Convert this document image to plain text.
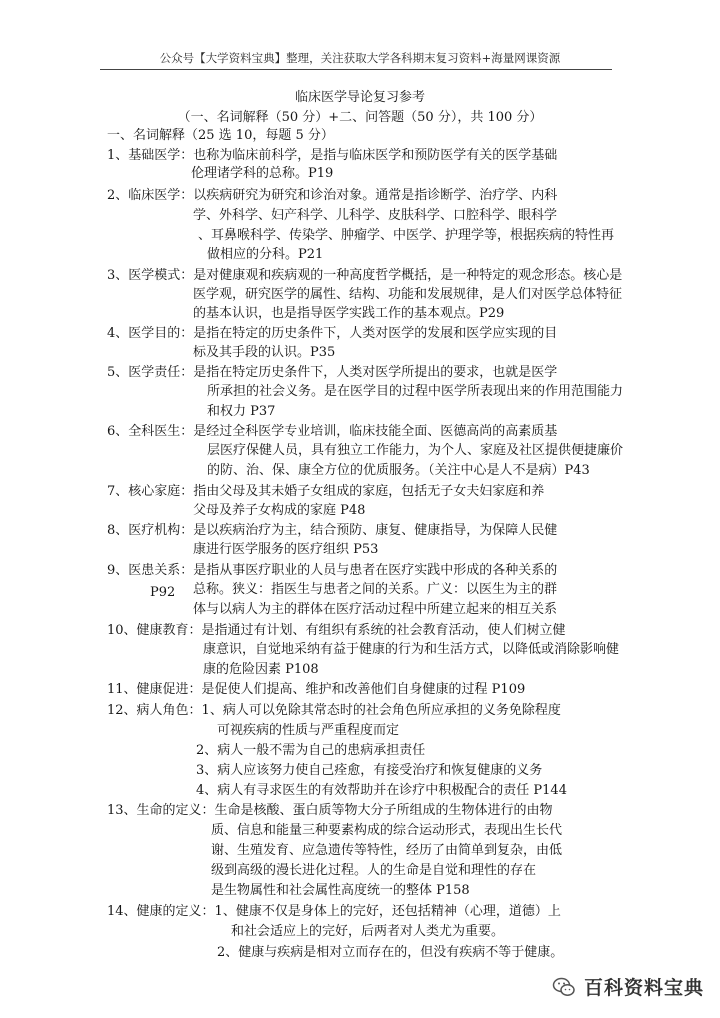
公众号【大学资料宝典】整理，关注获取大学各科期末复习资料+海量网课资源
临床医学导论复习参考
（一、名词解释（50 分）+二、问答题（50 分），共 100 分）
一、名词解释（25 选 10，每题 5 分）
1、基础医学：也称为临床前科学，是指与临床医学和预防医学有关的医学基础
伦理诸学科的总称。P19
2、临床医学：以疾病研究为研究和诊治对象。通常是指诊断学、治疗学、内科
学、外科学、妇产科学、儿科学、皮肤科学、口腔科学、眼科学
、耳鼻喉科学、传染学、肿瘤学、中医学、护理学等，根据疾病的特性再
做相应的分科。P21
3、医学模式：是对健康观和疾病观的一种高度哲学概括，是一种特定的观念形态。核心是
医学观，研究医学的属性、结构、功能和发展规律，是人们对医学总体特征
的基本认识，也是指导医学实践工作的基本观点。P29
4、医学目的：是指在特定的历史条件下，人类对医学的发展和医学应实现的目
标及其手段的认识。P35
5、医学责任：是指在特定历史条件下，人类对医学所提出的要求，也就是医学
所承担的社会义务。是在医学目的过程中医学所表现出来的作用范围能力
和权力 P37
6、全科医生：是经过全科医学专业培训，临床技能全面、医德高尚的高素质基
层医疗保健人员，具有独立工作能力，为个人、家庭及社区提供便捷廉价
的防、治、保、康全方位的优质服务。（关注中心是人不是病）P43
7、核心家庭：指由父母及其未婚子女组成的家庭，包括无子女夫妇家庭和养
父母及养子女构成的家庭 P48
8、医疗机构：是以疾病治疗为主，结合预防、康复、健康指导，为保障人民健
康进行医学服务的医疗组织 P53
9、医患关系：是指从事医疗职业的人员与患者在医疗实践中形成的各种关系的
总称。狭义：指医生与患者之间的关系。广义：以医生为主的群
P92
体与以病人为主的群体在医疗活动过程中所建立起来的相互关系
10、健康教育：是指通过有计划、有组织有系统的社会教育活动，使人们树立健
康意识，自觉地采纳有益于健康的行为和生活方式，以降低或消除影响健
康的危险因素 P108
11、健康促进：是促使人们提高、维护和改善他们自身健康的过程 P109
12、病人角色：1、病人可以免除其常态时的社会角色所应承担的义务免除程度
可视疾病的性质与严重程度而定
2、病人一般不需为自己的患病承担责任
3、病人应该努力使自己痊愈，有接受治疗和恢复健康的义务
4、病人有寻求医生的有效帮助并在诊疗中积极配合的责任 P144
13、生命的定义：生命是核酸、蛋白质等物大分子所组成的生物体进行的由物
质、信息和能量三种要素构成的综合运动形式，表现出生长代
谢、生殖发育、应急遗传等特性，经历了由简单到复杂，由低
级到高级的漫长进化过程。人的生命是自觉和理性的存在
是生物属性和社会属性高度统一的整体 P158
14、健康的定义：1、健康不仅是身体上的完好，还包括精神（心理，道德）上
和社会适应上的完好，后两者对人类尤为重要。
2、健康与疾病是相对立而存在的，但没有疾病不等于健康。
百科资料宝典
